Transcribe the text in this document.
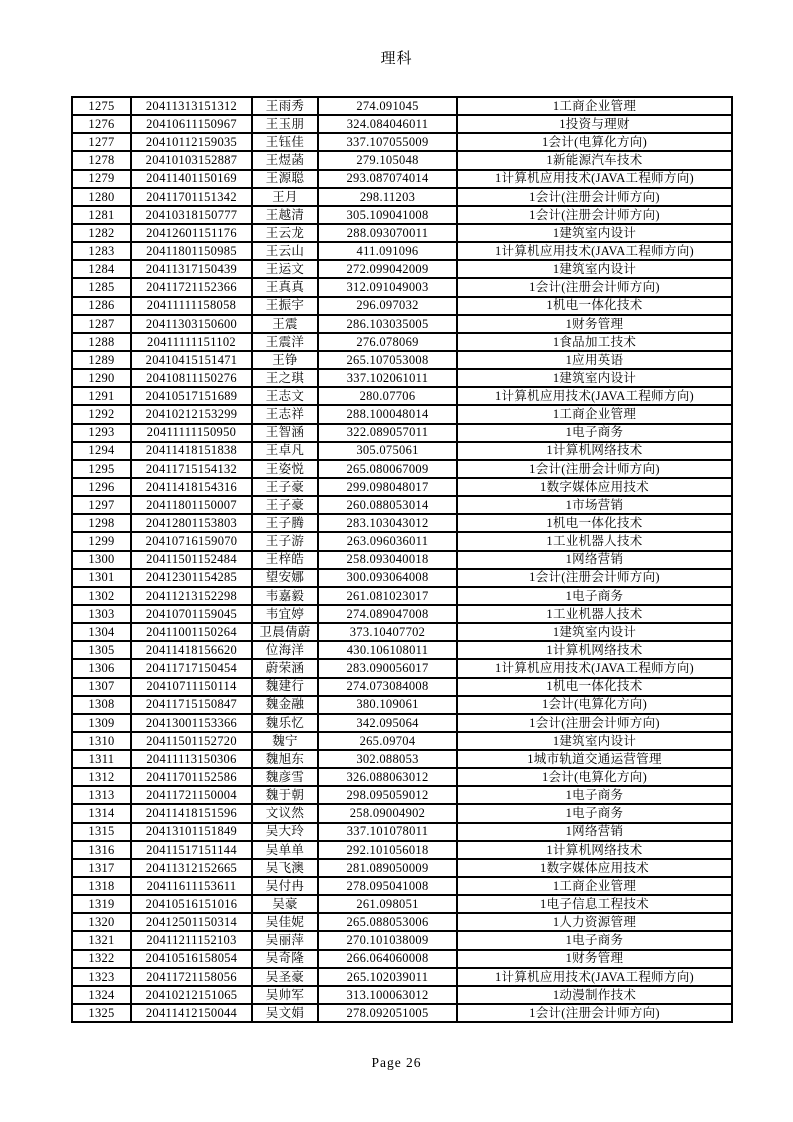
理科
1275	20411313151312	王雨秀	274.091045	1工商企业管理
1276	20410611150967	王玉朋	324.084046011	1投资与理财
1277	20410112159035	王钰佳	337.107055009	1会计(电算化方向)
1278	20410103152887	王煜菡	279.105048	1新能源汽车技术
1279	20411401150169	王源聪	293.087074014	1计算机应用技术(JAVA工程师方向)
1280	20411701151342	王月	298.11203	1会计(注册会计师方向)
1281	20410318150777	王越清	305.109041008	1会计(注册会计师方向)
1282	20412601151176	王云龙	288.093070011	1建筑室内设计
1283	20411801150985	王云山	411.091096	1计算机应用技术(JAVA工程师方向)
1284	20411317150439	王运文	272.099042009	1建筑室内设计
1285	20411721152366	王真真	312.091049003	1会计(注册会计师方向)
1286	20411111158058	王振宇	296.097032	1机电一体化技术
1287	20411303150600	王震	286.103035005	1财务管理
1288	20411111151102	王震洋	276.078069	1食品加工技术
1289	20410415151471	王铮	265.107053008	1应用英语
1290	20410811150276	王之琪	337.102061011	1建筑室内设计
1291	20410517151689	王志文	280.07706	1计算机应用技术(JAVA工程师方向)
1292	20410212153299	王志祥	288.100048014	1工商企业管理
1293	20411111150950	王智涵	322.089057011	1电子商务
1294	20411418151838	王卓凡	305.075061	1计算机网络技术
1295	20411715154132	王姿悦	265.080067009	1会计(注册会计师方向)
1296	20411418154316	王子豪	299.098048017	1数字媒体应用技术
1297	20411801150007	王子豪	260.088053014	1市场营销
1298	20412801153803	王子腾	283.103043012	1机电一体化技术
1299	20410716159070	王子游	263.096036011	1工业机器人技术
1300	20411501152484	王梓皓	258.093040018	1网络营销
1301	20412301154285	望安娜	300.093064008	1会计(注册会计师方向)
1302	20411213152298	韦嘉毅	261.081023017	1电子商务
1303	20410701159045	韦宜婷	274.089047008	1工业机器人技术
1304	20411001150264	卫晨倩蔚	373.10407702	1建筑室内设计
1305	20411418156620	位海洋	430.106108011	1计算机网络技术
1306	20411717150454	蔚荣涵	283.090056017	1计算机应用技术(JAVA工程师方向)
1307	20410711150114	魏建行	274.073084008	1机电一体化技术
1308	20411715150847	魏金融	380.109061	1会计(电算化方向)
1309	20413001153366	魏乐忆	342.095064	1会计(注册会计师方向)
1310	20411501152720	魏宁	265.09704	1建筑室内设计
1311	20411113150306	魏旭东	302.088053	1城市轨道交通运营管理
1312	20411701152586	魏彦雪	326.088063012	1会计(电算化方向)
1313	20411721150004	魏于朝	298.095059012	1电子商务
1314	20411418151596	文议然	258.09004902	1电子商务
1315	20413101151849	吴大玲	337.101078011	1网络营销
1316	20411517151144	吴单单	292.101056018	1计算机网络技术
1317	20411312152665	吴飞澳	281.089050009	1数字媒体应用技术
1318	20411611153611	吴付冉	278.095041008	1工商企业管理
1319	20410516151016	吴豪	261.098051	1电子信息工程技术
1320	20412501150314	吴佳妮	265.088053006	1人力资源管理
1321	20411211152103	吴丽萍	270.101038009	1电子商务
1322	20410516158054	吴奇隆	266.064060008	1财务管理
1323	20411721158056	吴圣豪	265.102039011	1计算机应用技术(JAVA工程师方向)
1324	20410212151065	吴帅军	313.100063012	1动漫制作技术
1325	20411412150044	吴文娟	278.092051005	1会计(注册会计师方向)
Page 26
